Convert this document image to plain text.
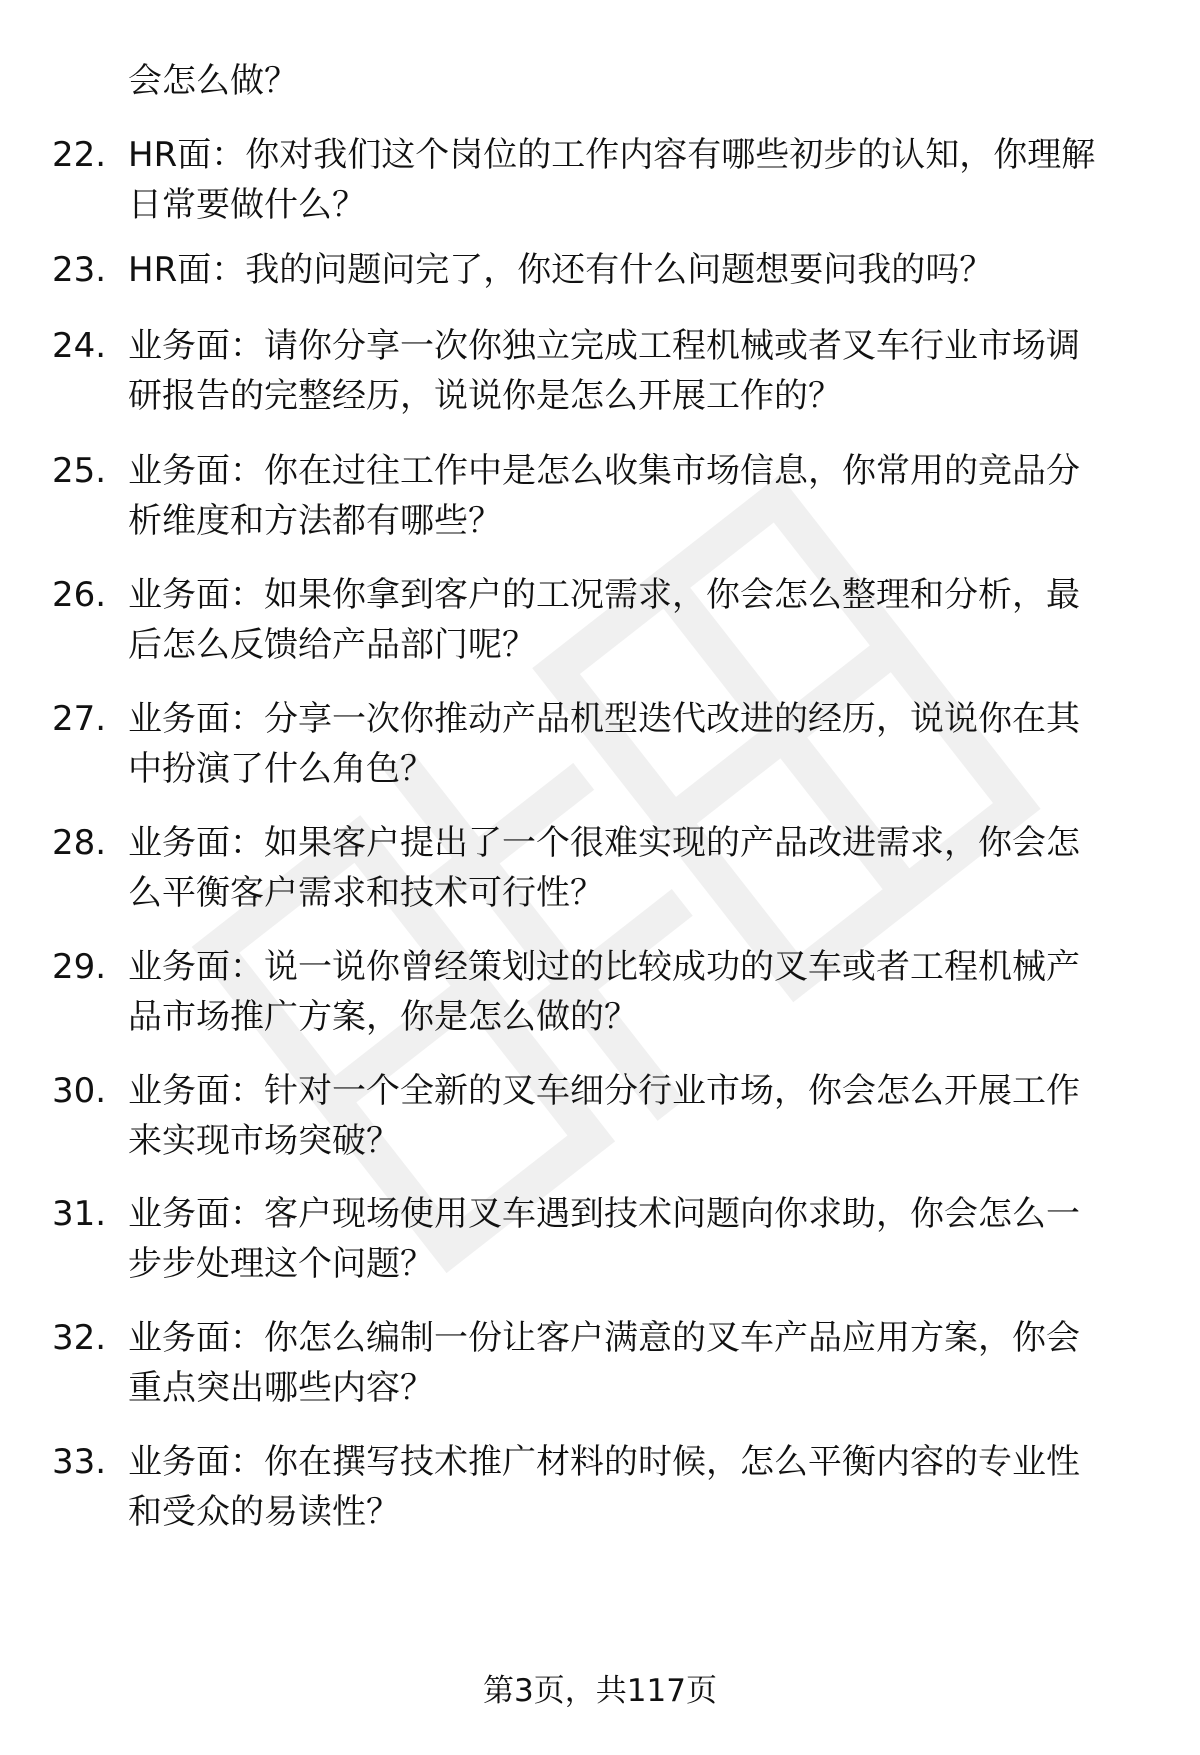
会怎么做？
22. HR面：你对我们这个岗位的工作内容有哪些初步的认知，你理解
日常要做什么？
23. HR面：我的问题问完了，你还有什么问题想要问我的吗？
24. 业务面：请你分享一次你独立完成工程机械或者叉车行业市场调
研报告的完整经历，说说你是怎么开展工作的？
25. 业务面：你在过往工作中是怎么收集市场信息，你常用的竞品分
析维度和方法都有哪些？
26. 业务面：如果你拿到客户的工况需求，你会怎么整理和分析，最
后怎么反馈给产品部门呢？
27. 业务面：分享一次你推动产品机型迭代改进的经历，说说你在其
中扮演了什么角色？
28. 业务面：如果客户提出了一个很难实现的产品改进需求，你会怎
么平衡客户需求和技术可行性？
29. 业务面：说一说你曾经策划过的比较成功的叉车或者工程机械产
品市场推广方案，你是怎么做的？
30. 业务面：针对一个全新的叉车细分行业市场，你会怎么开展工作
来实现市场突破？
31. 业务面：客户现场使用叉车遇到技术问题向你求助，你会怎么一
步步处理这个问题？
32. 业务面：你怎么编制一份让客户满意的叉车产品应用方案，你会
重点突出哪些内容？
33. 业务面：你在撰写技术推广材料的时候，怎么平衡内容的专业性
和受众的易读性？
第3页，共117页
